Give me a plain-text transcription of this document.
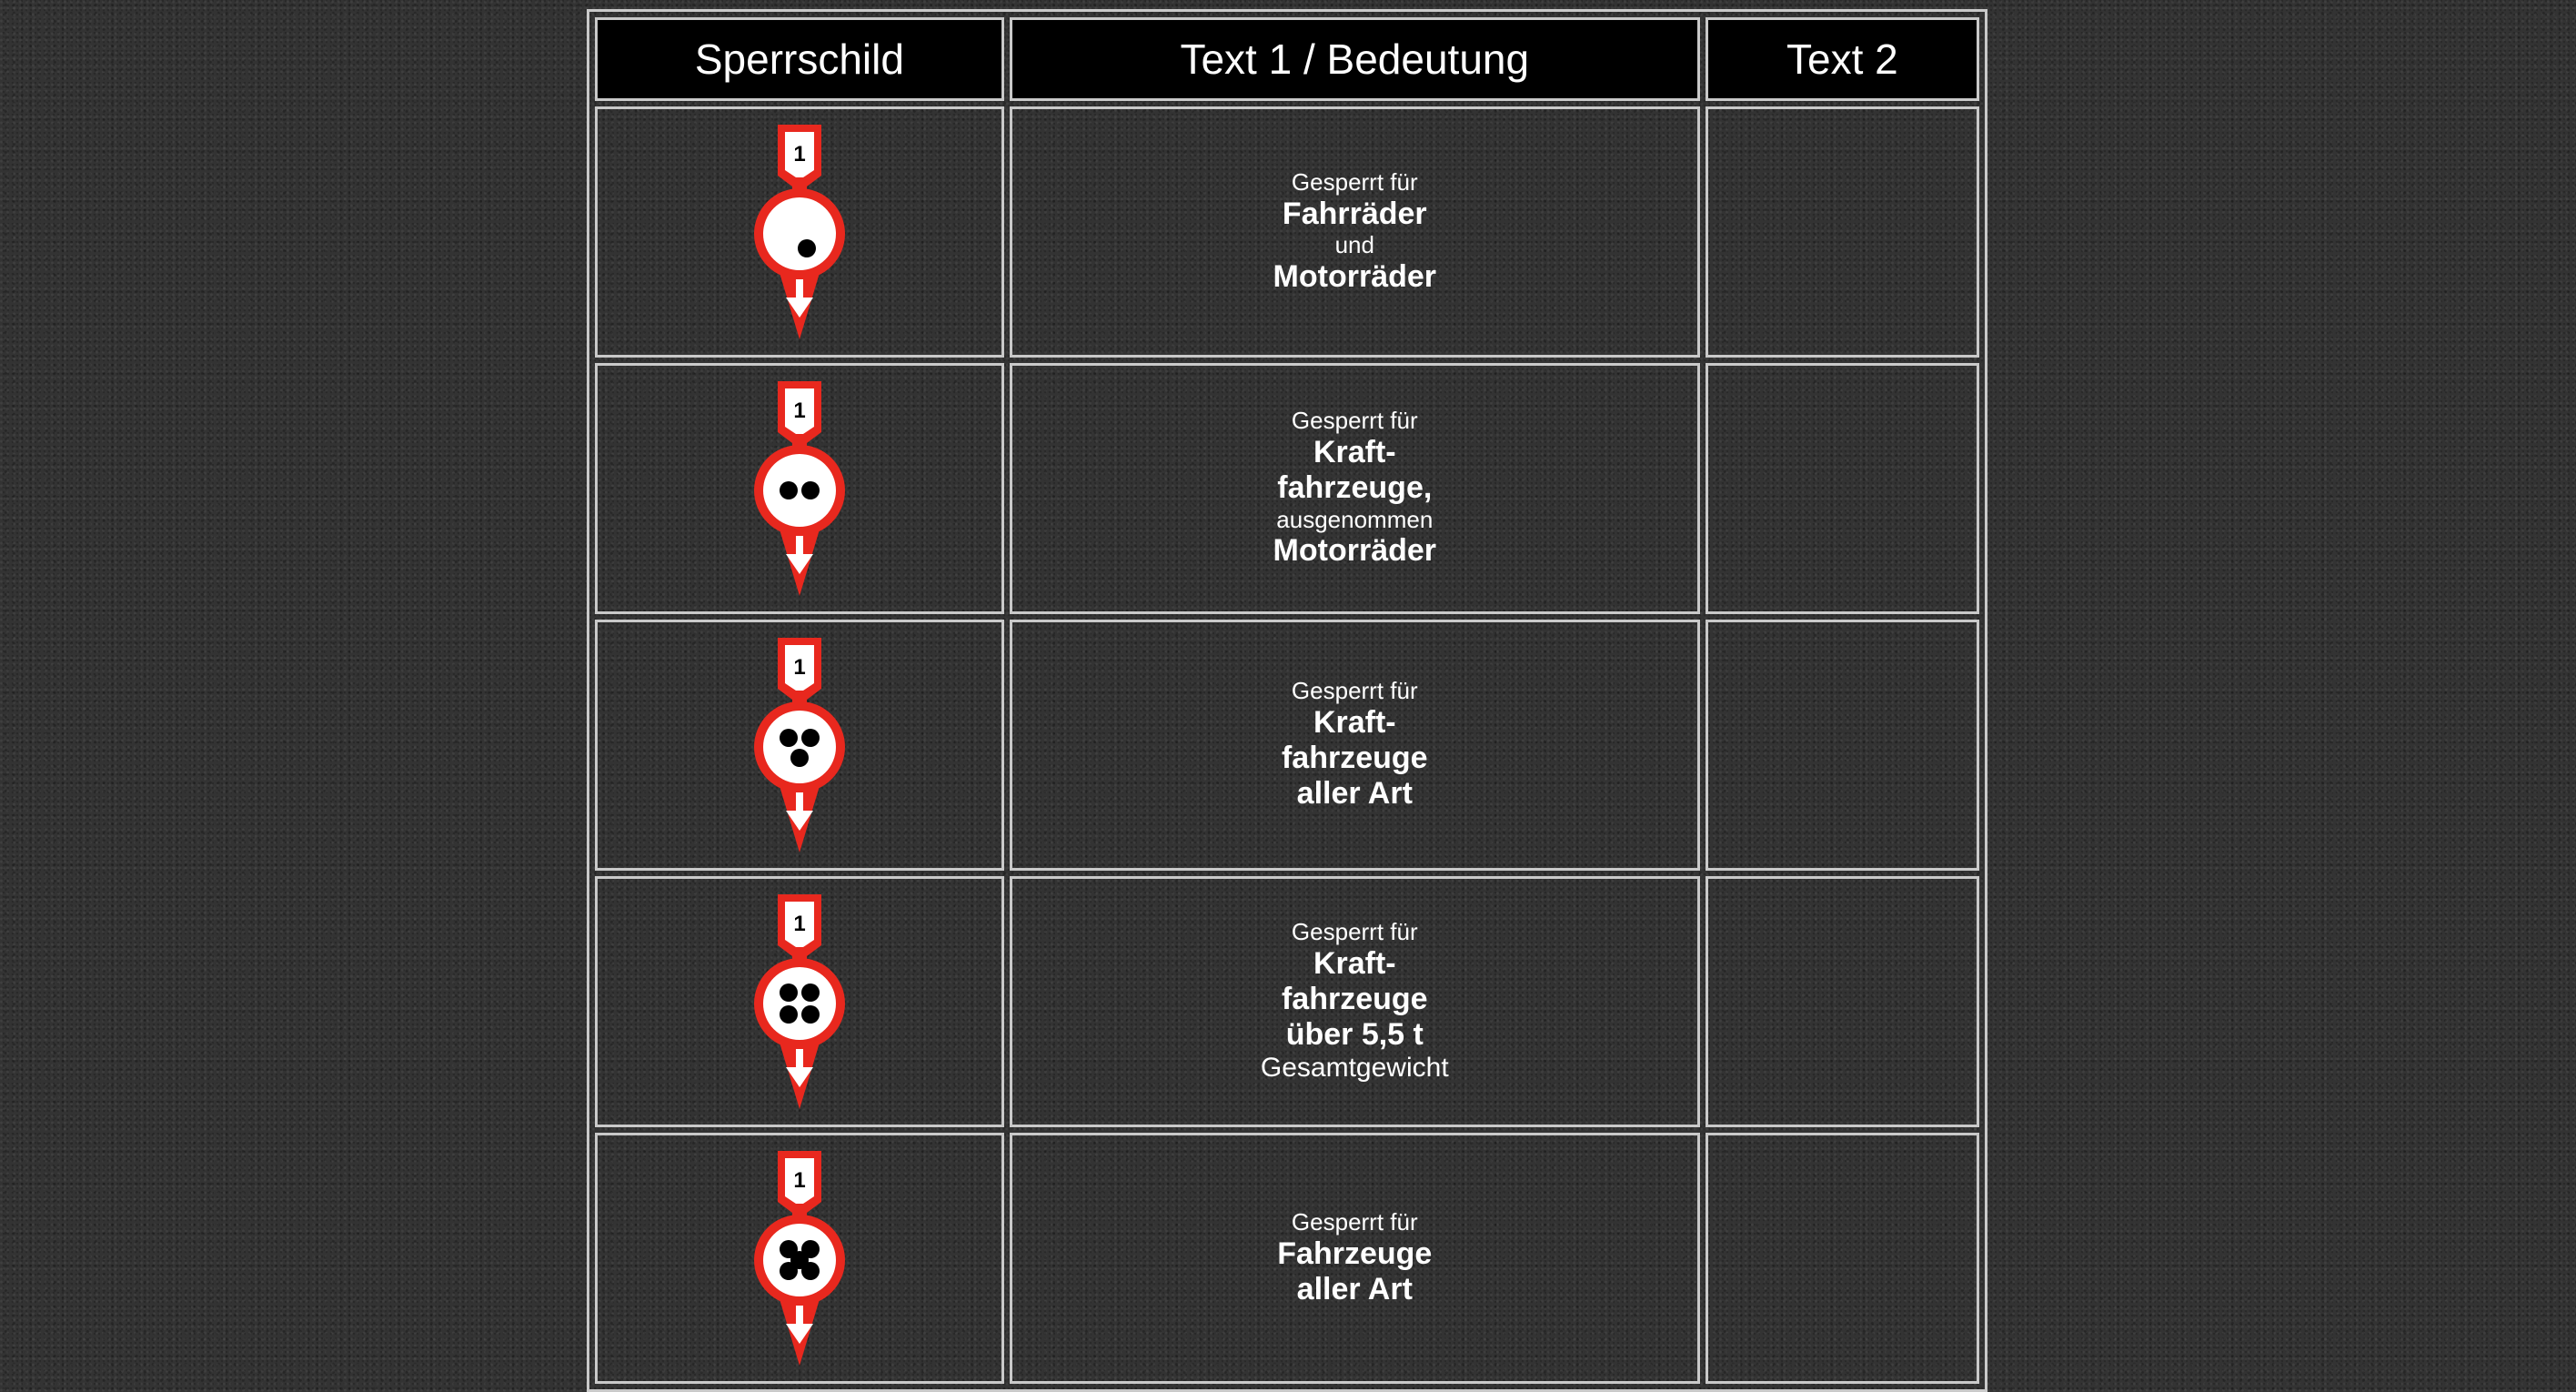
Sperrschild	Text 1 / Bedeutung	Text 2

1	Gesperrt für
Fahrräder
und
Motorräder	

1	Gesperrt für
Kraft-
fahrzeuge,
ausgenommen
Motorräder	

1	Gesperrt für
Kraft-
fahrzeuge
aller Art	

1	Gesperrt für
Kraft-
fahrzeuge
über 5,5 t
Gesamtgewicht	

1	Gesperrt für
Fahrzeuge
aller Art	
